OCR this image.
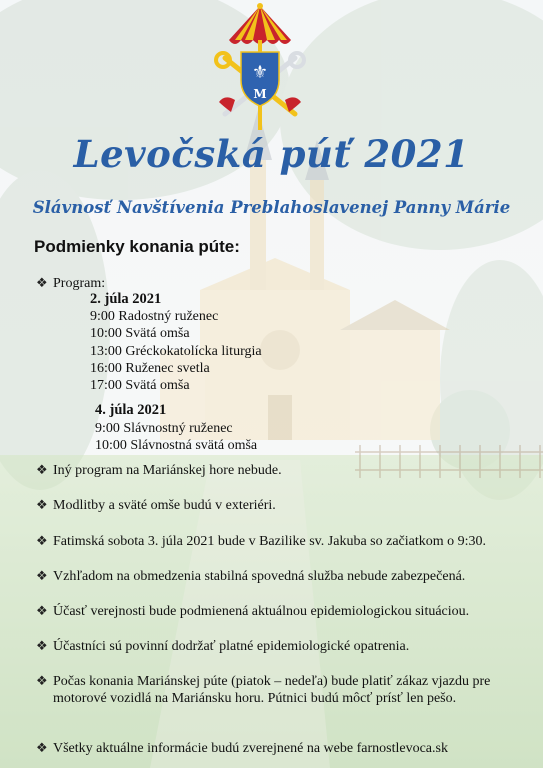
⚜
M
Levočská púť 2021
Slávnosť Navštívenia Preblahoslavenej Panny Márie
Podmienky konania púte:
❖ Program:
2. júla 2021
9:00 Radostný ruženec
10:00 Svätá omša
13:00 Gréckokatolícka liturgia
16:00 Ruženec svetla
17:00 Svätá omša
4. júla 2021
9:00 Slávnostný ruženec
10:00 Slávnostná svätá omša
❖ Iný program na Mariánskej hore nebude.
❖ Modlitby a sväté omše budú v exteriéri.
❖ Fatimská sobota 3. júla 2021 bude v Bazilike sv. Jakuba so začiatkom o 9:30.
❖ Vzhľadom na obmedzenia stabilná spovedná služba nebude zabezpečená.
❖ Účasť verejnosti bude podmienená aktuálnou epidemiologickou situáciou.
❖ Účastníci sú povinní dodržať platné epidemiologické opatrenia.
❖ Počas konania Mariánskej púte (piatok – nedeľa) bude platiť zákaz vjazdu pre motorové vozidlá na Mariánsku horu. Pútnici budú môcť prísť len pešo.
❖ Všetky aktuálne informácie budú zverejnené na webe farnostlevoca.sk
